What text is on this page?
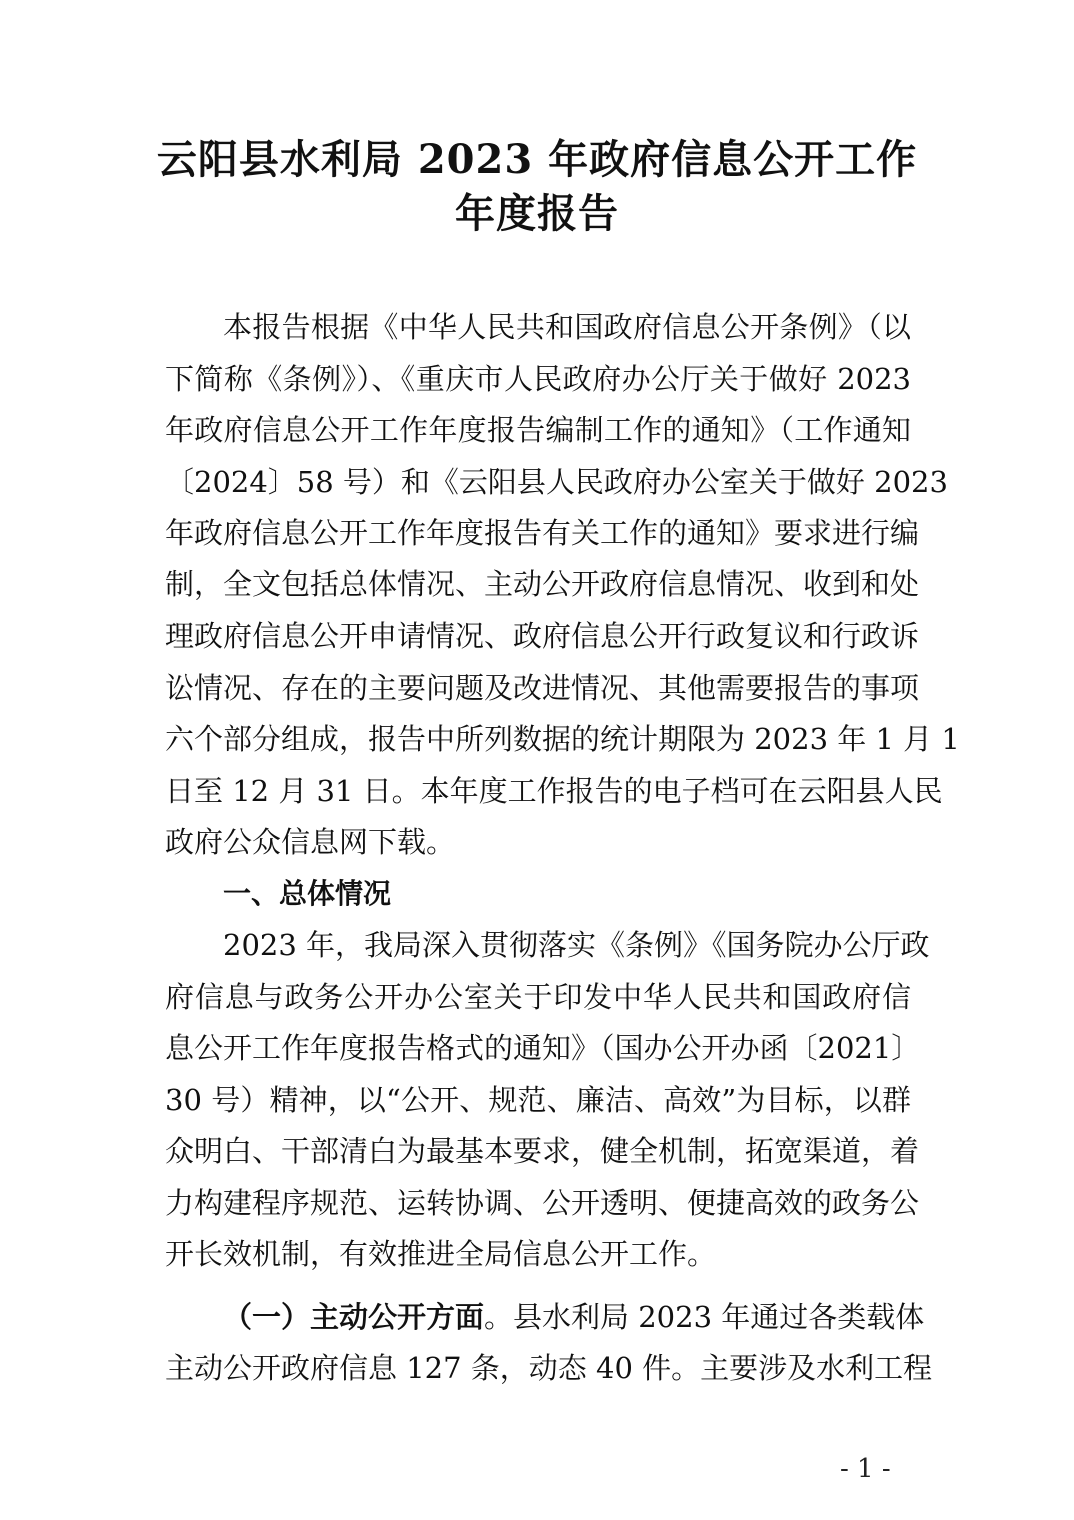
云阳县水利局 2023 年政府信息公开工作
年度报告
本报告根据《中华人民共和国政府信息公开条例》（以
下简称《条例》）、《重庆市人民政府办公厅关于做好 2023
年政府信息公开工作年度报告编制工作的通知》（工作通知
〔2024〕58 号）和《云阳县人民政府办公室关于做好 2023
年政府信息公开工作年度报告有关工作的通知》要求进行编
制，全文包括总体情况、主动公开政府信息情况、收到和处
理政府信息公开申请情况、政府信息公开行政复议和行政诉
讼情况、存在的主要问题及改进情况、其他需要报告的事项
六个部分组成，报告中所列数据的统计期限为 2023 年 1 月 1
日至 12 月 31 日。本年度工作报告的电子档可在云阳县人民
政府公众信息网下载。
一、总体情况
2023 年，我局深入贯彻落实《条例》《国务院办公厅政
府信息与政务公开办公室关于印发中华人民共和国政府信
息公开工作年度报告格式的通知》（国办公开办函〔2021〕
30 号）精神，以“公开、规范、廉洁、高效”为目标，以群
众明白、干部清白为最基本要求，健全机制，拓宽渠道，着
力构建程序规范、运转协调、公开透明、便捷高效的政务公
开长效机制，有效推进全局信息公开工作。
（一）主动公开方面。县水利局 2023 年通过各类载体
主动公开政府信息 127 条，动态 40 件。主要涉及水利工程
- 1 -
